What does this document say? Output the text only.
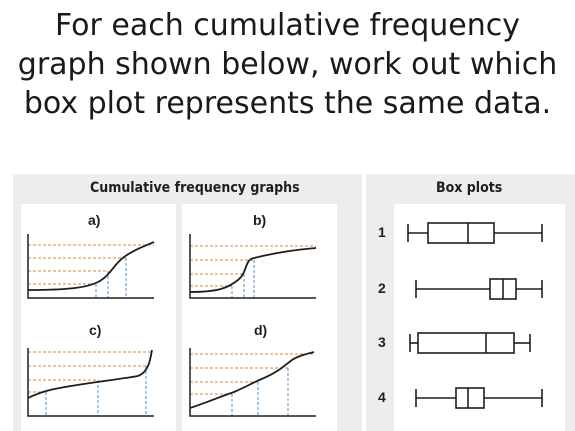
For each cumulative frequency
graph shown below, work out which
box plot represents the same data.
Cumulative frequency graphs
a)	b)
c)	d)
Box plots
1
2
3
4
